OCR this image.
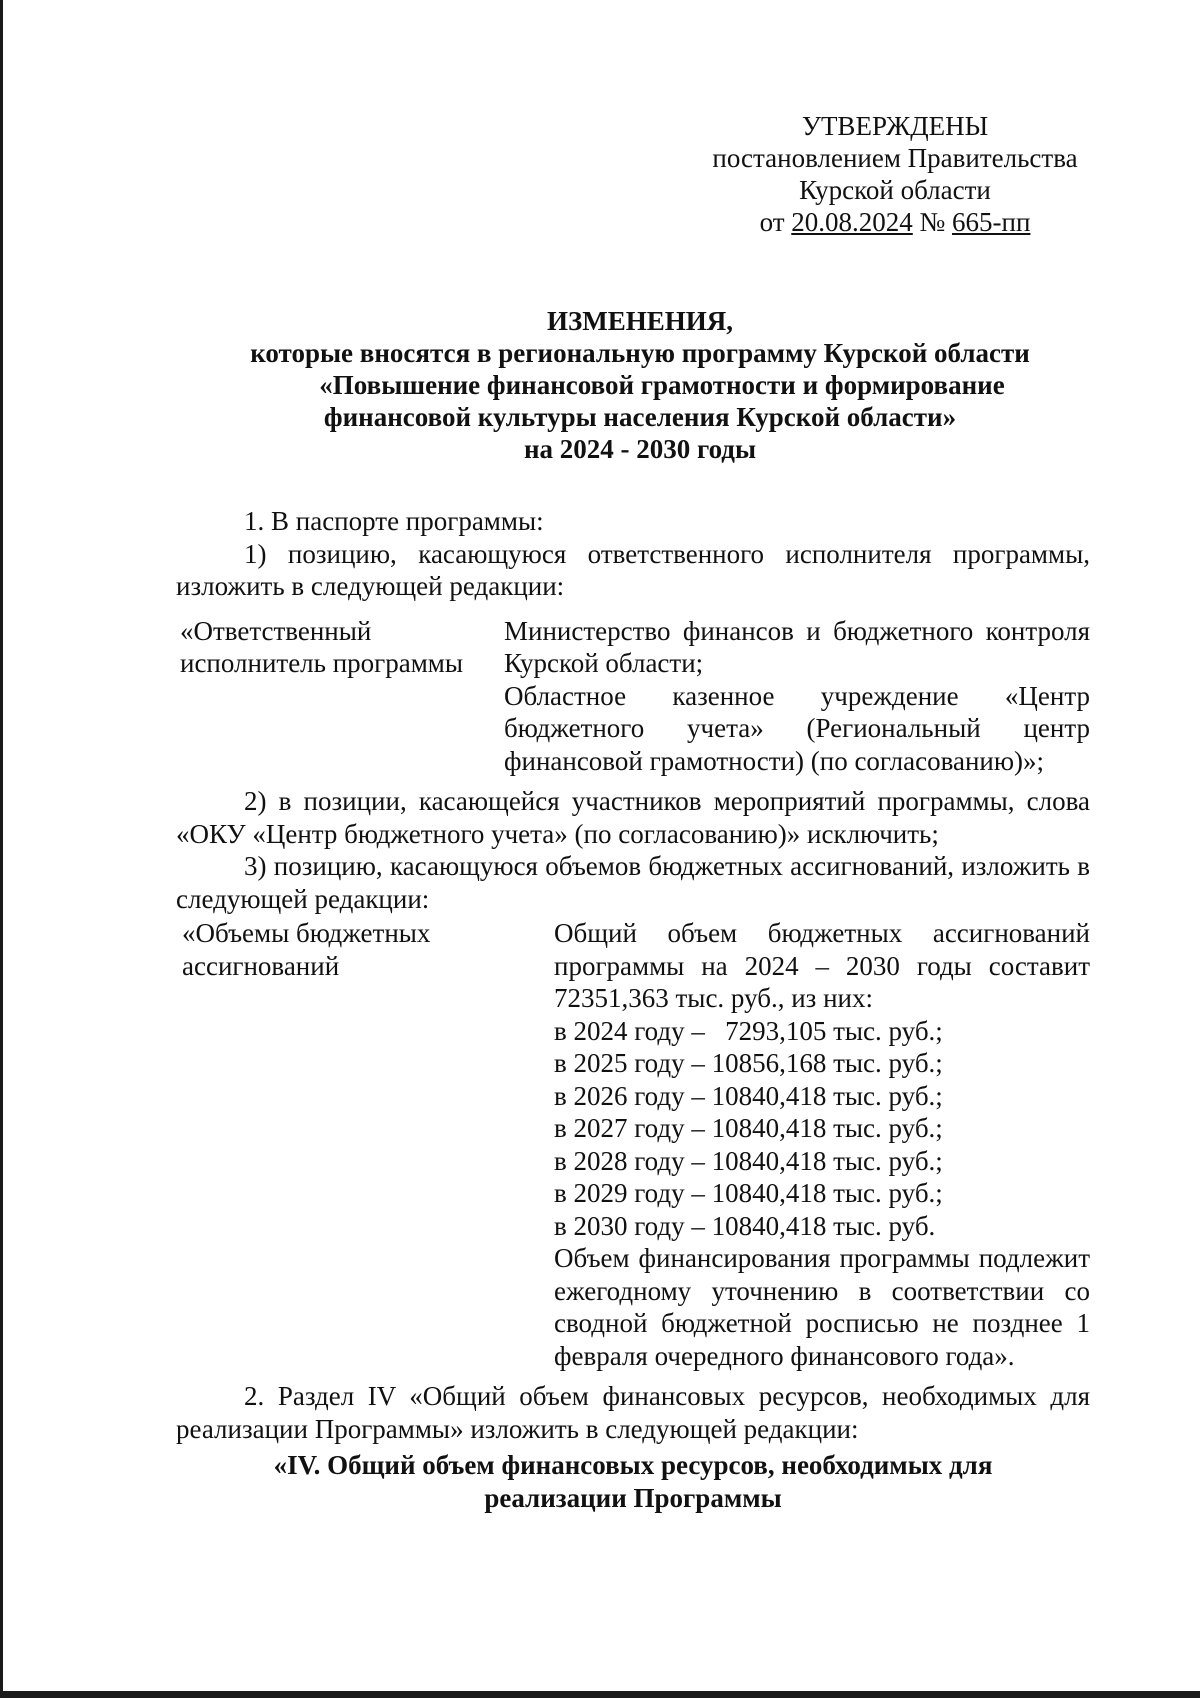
УТВЕРЖДЕНЫ
постановлением Правительства
Курской области
от 20.08.2024 № 665-пп
ИЗМЕНЕНИЯ,
которые вносятся в региональную программу Курской области
«Повышение финансовой грамотности и формирование
финансовой культуры населения Курской области»
на 2024 - 2030 годы

1. В паспорте программы:

1) позицию, касающуюся ответственного исполнителя программы, изложить в следующей редакции:

«Ответственный исполнитель программы
Министерство финансов и бюджетного контроля Курской области;
Областное казенное учреждение «Центр бюджетного учета» (Региональный центр финансовой грамотности) (по согласованию)»;

2) в позиции, касающейся участников мероприятий программы, слова «ОКУ «Центр бюджетного учета» (по согласованию)» исключить;

3) позицию, касающуюся объемов бюджетных ассигнований, изложить в следующей редакции:

«Объемы бюджетных ассигнований
Общий объем бюджетных ассигнований программы на 2024 – 2030 годы составит 72351,363 тыс. руб., из них:
в 2024 году –   7293,105 тыс. руб.;
в 2025 году – 10856,168 тыс. руб.;
в 2026 году – 10840,418 тыс. руб.;
в 2027 году – 10840,418 тыс. руб.;
в 2028 году – 10840,418 тыс. руб.;
в 2029 году – 10840,418 тыс. руб.;
в 2030 году – 10840,418 тыс. руб.
Объем финансирования программы подлежит ежегодному уточнению в соответствии со сводной бюджетной росписью не позднее 1 февраля очередного финансового года».

2. Раздел IV «Общий объем финансовых ресурсов, необходимых для реализации Программы» изложить в следующей редакции:

«IV. Общий объем финансовых ресурсов, необходимых для
реализации Программы
